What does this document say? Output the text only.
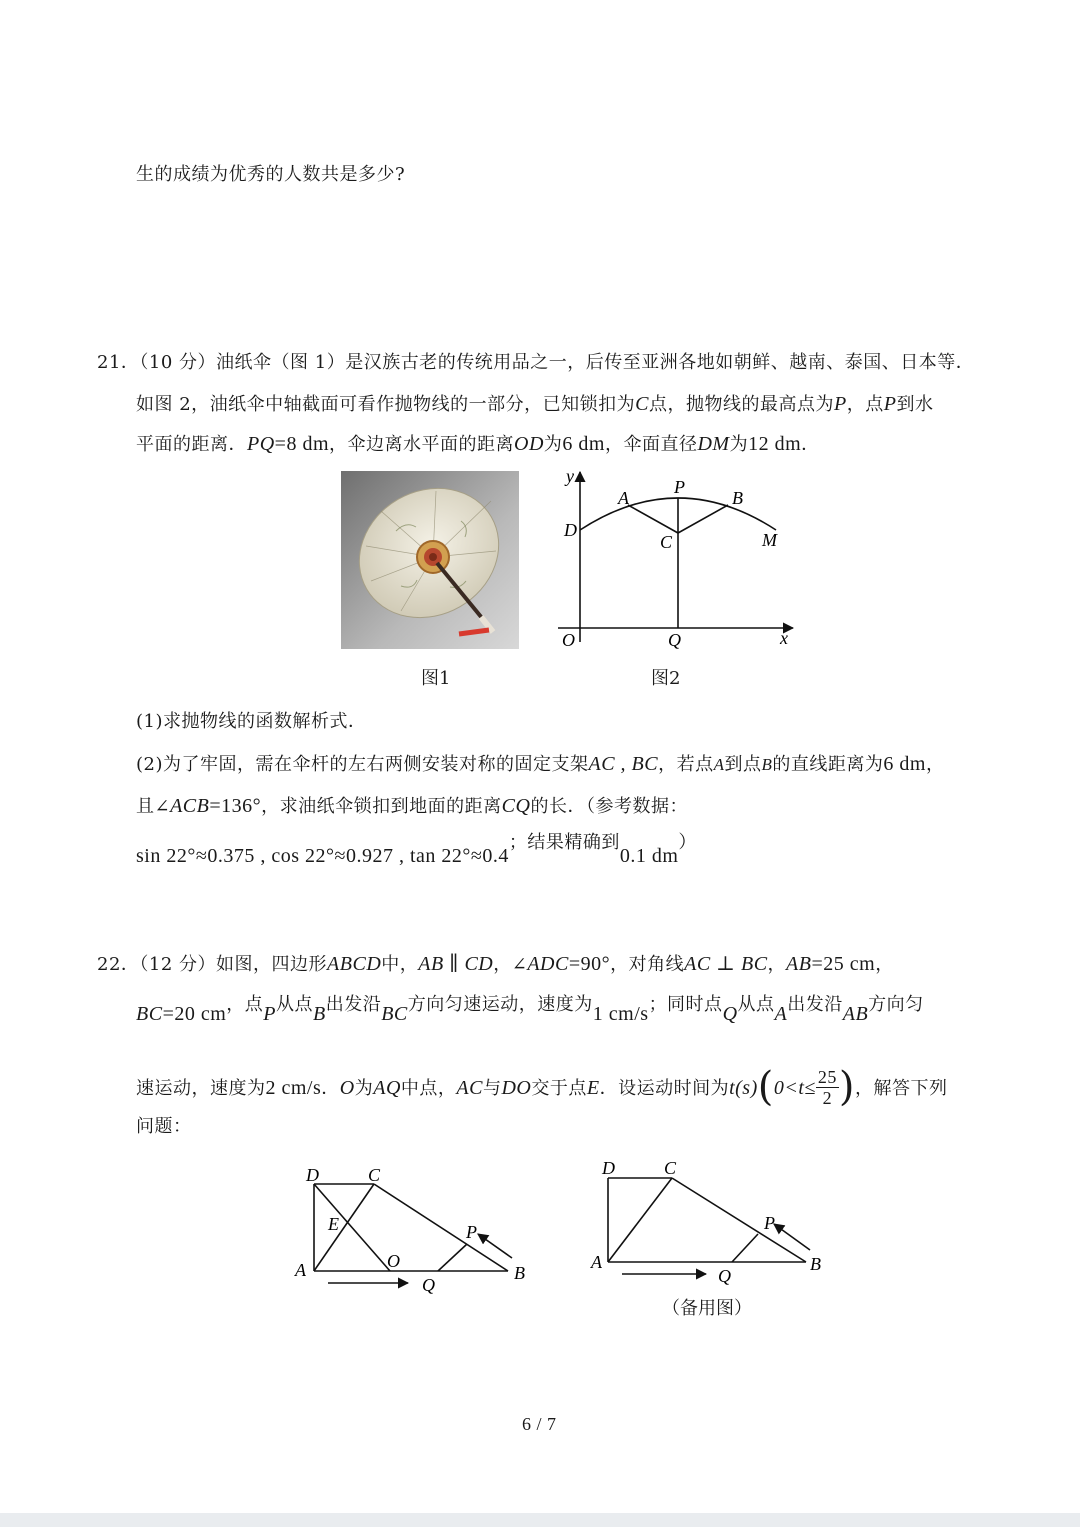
生的成绩为优秀的人数共是多少?
21．（10 分）油纸伞（图 1）是汉族古老的传统用品之一，后传至亚洲各地如朝鲜、越南、泰国、日本等．
如图 2，油纸伞中轴截面可看作抛物线的一部分，已知锁扣为C点，抛物线的最高点为P，点P到水
平面的距离．PQ=8 dm，伞边离水平面的距离OD为6 dm，伞面直径DM为12 dm．
图1
y
x
O	Q
D
A
P
B
C	M
图2
(1)求抛物线的函数解析式．
(2)为了牢固，需在伞杆的左右两侧安装对称的固定支架AC , BC，若点A到点B的直线距离为6 dm，
且∠ACB=136°，求油纸伞锁扣到地面的距离CQ的长．（参考数据：
sin 22°≈0.375 , cos 22°≈0.927 , tan 22°≈0.4；结果精确到0.1 dm）
22．（12 分）如图，四边形ABCD中，AB ∥ CD，∠ADC=90°，对角线AC ⊥ BC，AB=25 cm，
BC=20 cm，点P从点B出发沿BC方向匀速运动，速度为1 cm/s；同时点Q从点A出发沿AB方向匀
速运动，速度为2 cm/s．O为AQ中点，AC与DO交于点E．设运动时间为$t(s)(0<t\le \frac{25}{2}$ )，解答下列
问题：
D	C
E	P
A	O
Q
B
D	C
P
A
Q
B
（备用图）
6 / 7
